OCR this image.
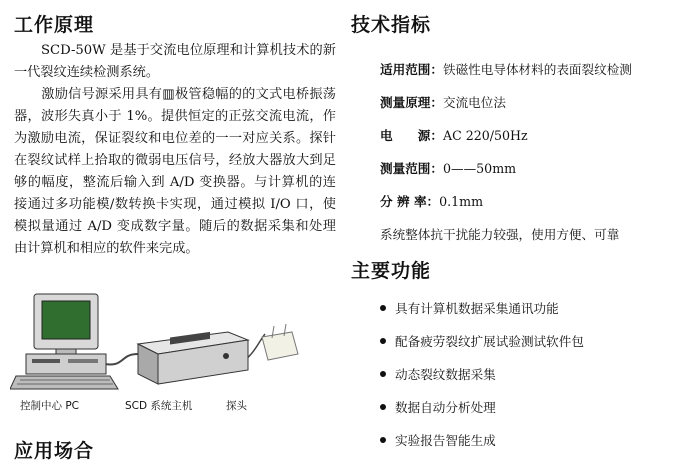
工作原理

SCD-50W 是基于交流电位原理和计算机技术的新一代裂纹连续检测系统。

激励信号源采用具有▥极管稳幅的的文式电桥振荡器，波形失真小于 1%。提供恒定的正弦交流电流，作为激励电流，保证裂纹和电位差的一一对应关系。探针在裂纹试样上拾取的微弱电压信号，经放大器放大到足够的幅度，整流后输入到 A/D 变换器。与计算机的连接通过多功能模/数转换卡实现，通过模拟 I/O 口，使模拟量通过 A/D 变成数字量。随后的数据采集和处理由计算机和相应的软件来完成。

控制中心 PC	SCD 系统主机	探头
应用场合
技术指标

适用范围：铁磁性电导体材料的表面裂纹检测

测量原理：交流电位法

电　　源：AC 220/50Hz

测量范围：0——50mm

分 辨 率：0.1mm

系统整体抗干扰能力较强，使用方便、可靠

主要功能

具有计算机数据采集通讯功能

配备疲劳裂纹扩展试验测试软件包

动态裂纹数据采集

数据自动分析处理

实验报告智能生成
